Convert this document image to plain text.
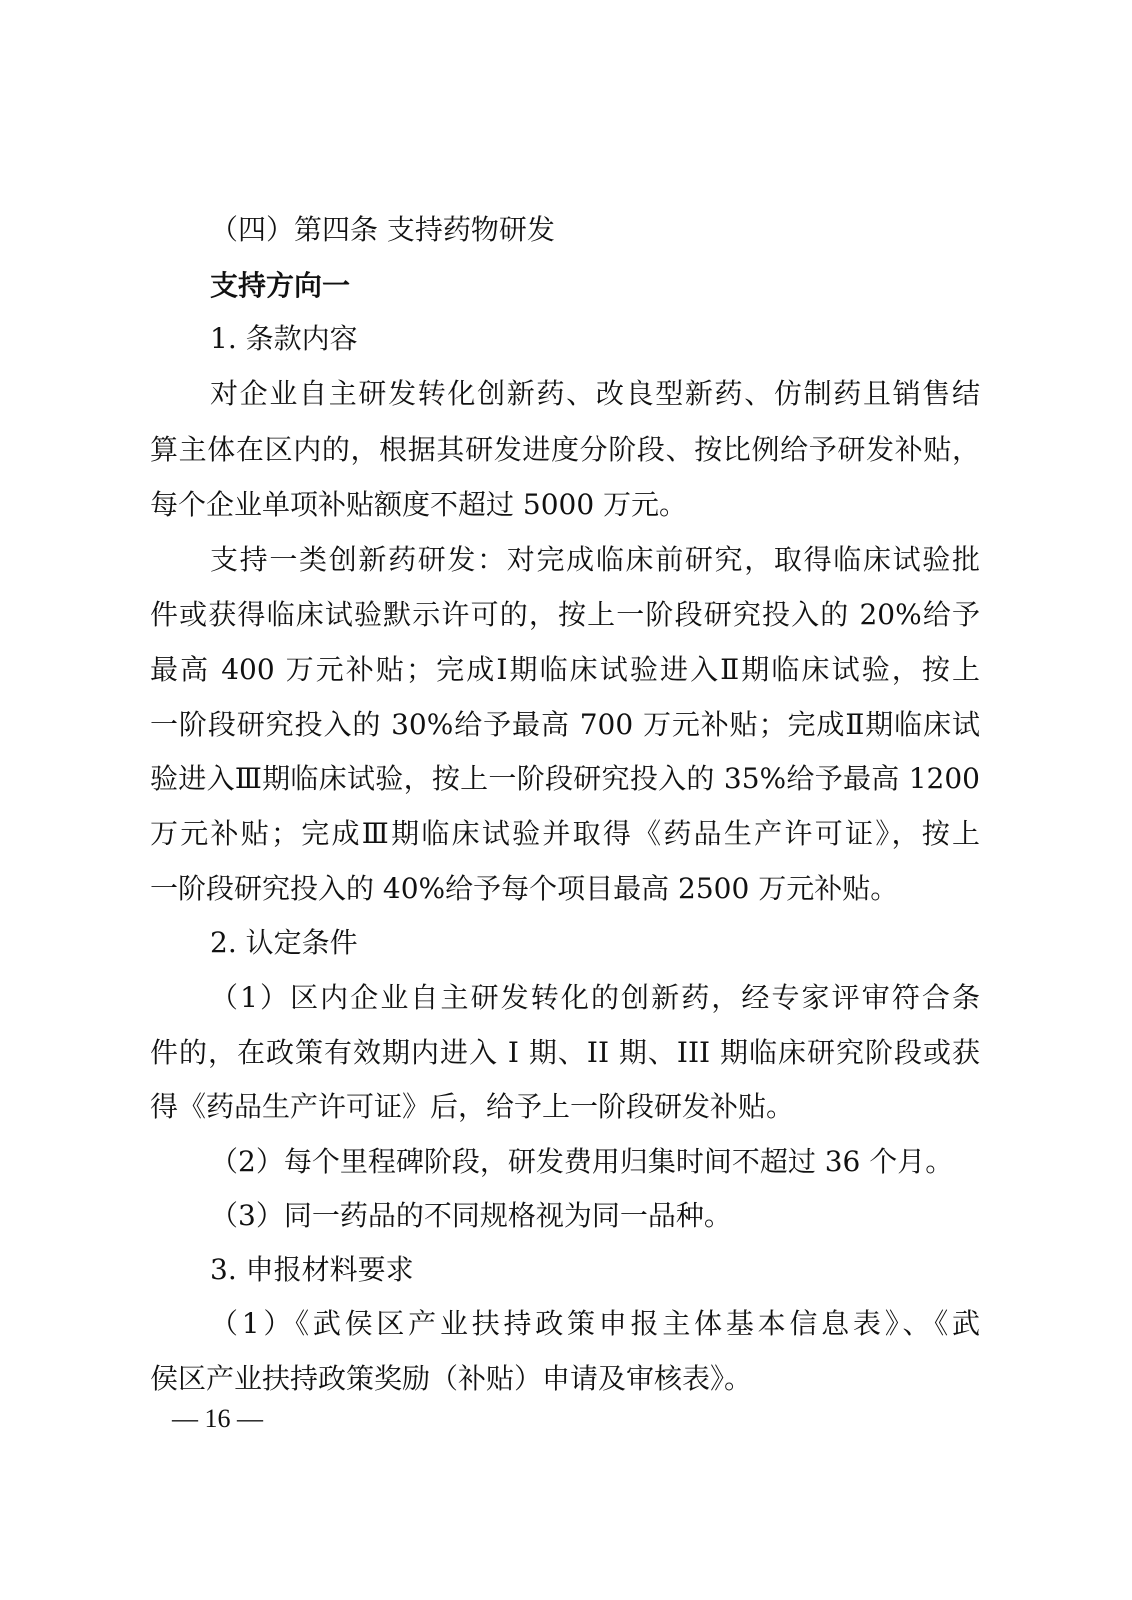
（四）第四条 支持药物研发
支持方向一
1. 条款内容
对企业自主研发转化创新药、改良型新药、仿制药且销售结
算主体在区内的，根据其研发进度分阶段、按比例给予研发补贴，
每个企业单项补贴额度不超过 5000 万元。
支持一类创新药研发：对完成临床前研究，取得临床试验批
件或获得临床试验默示许可的，按上一阶段研究投入的 20%给予
最高 400 万元补贴；完成Ⅰ期临床试验进入Ⅱ期临床试验，按上
一阶段研究投入的 30%给予最高 700 万元补贴；完成Ⅱ期临床试
验进入Ⅲ期临床试验，按上一阶段研究投入的 35%给予最高 1200
万元补贴；完成Ⅲ期临床试验并取得《药品生产许可证》，按上
一阶段研究投入的 40%给予每个项目最高 2500 万元补贴。
2. 认定条件
（1）区内企业自主研发转化的创新药，经专家评审符合条
件的，在政策有效期内进入 I 期、II 期、III 期临床研究阶段或获
得《药品生产许可证》后，给予上一阶段研发补贴。
（2）每个里程碑阶段，研发费用归集时间不超过 36 个月。
（3）同一药品的不同规格视为同一品种。
3. 申报材料要求
（1）《武侯区产业扶持政策申报主体基本信息表》、《武
侯区产业扶持政策奖励（补贴）申请及审核表》。
— 16 —
